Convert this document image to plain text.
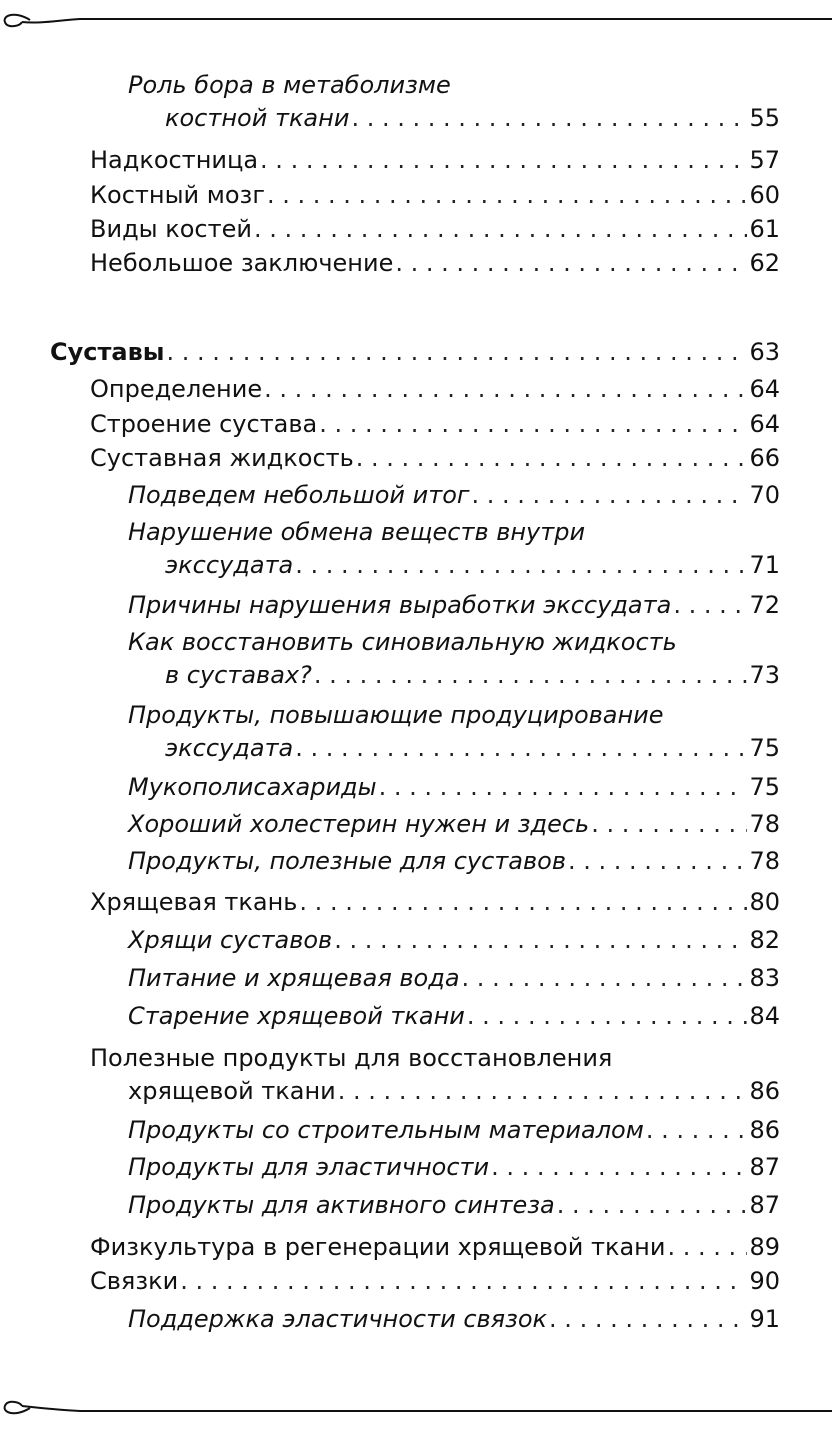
Роль бора в метаболизме
костной ткани . . .	55
Надкостница . . .	57
Костный мозг . . .	60
Виды костей . . .	61
Небольшое заключение . . .	62
Суставы . . .	63
Определение . . .	64
Строение сустава . . .	64
Суставная жидкость . . .	66
Подведем небольшой итог . . .	70
Нарушение обмена веществ внутри
экссудата . . .	71
Причины нарушения выработки экссудата . . .	72
Как восстановить синовиальную жидкость
в суставах? . . .	73
Продукты, повышающие продуцирование
экссудата . . .	75
Мукополисахариды . . .	75
Хороший холестерин нужен и здесь . . .	78
Продукты, полезные для суставов . . .	78
Хрящевая ткань . . .	80
Хрящи суставов . . .	82
Питание и хрящевая вода . . .	83
Старение хрящевой ткани . . .	84
Полезные продукты для восстановления
хрящевой ткани . . .	86
Продукты со строительным материалом . . .	86
Продукты для эластичности . . .	87
Продукты для активного синтеза . . .	87
Физкультура в регенерации хрящевой ткани . . .	89
Связки . . .	90
Поддержка эластичности связок . . .	91
